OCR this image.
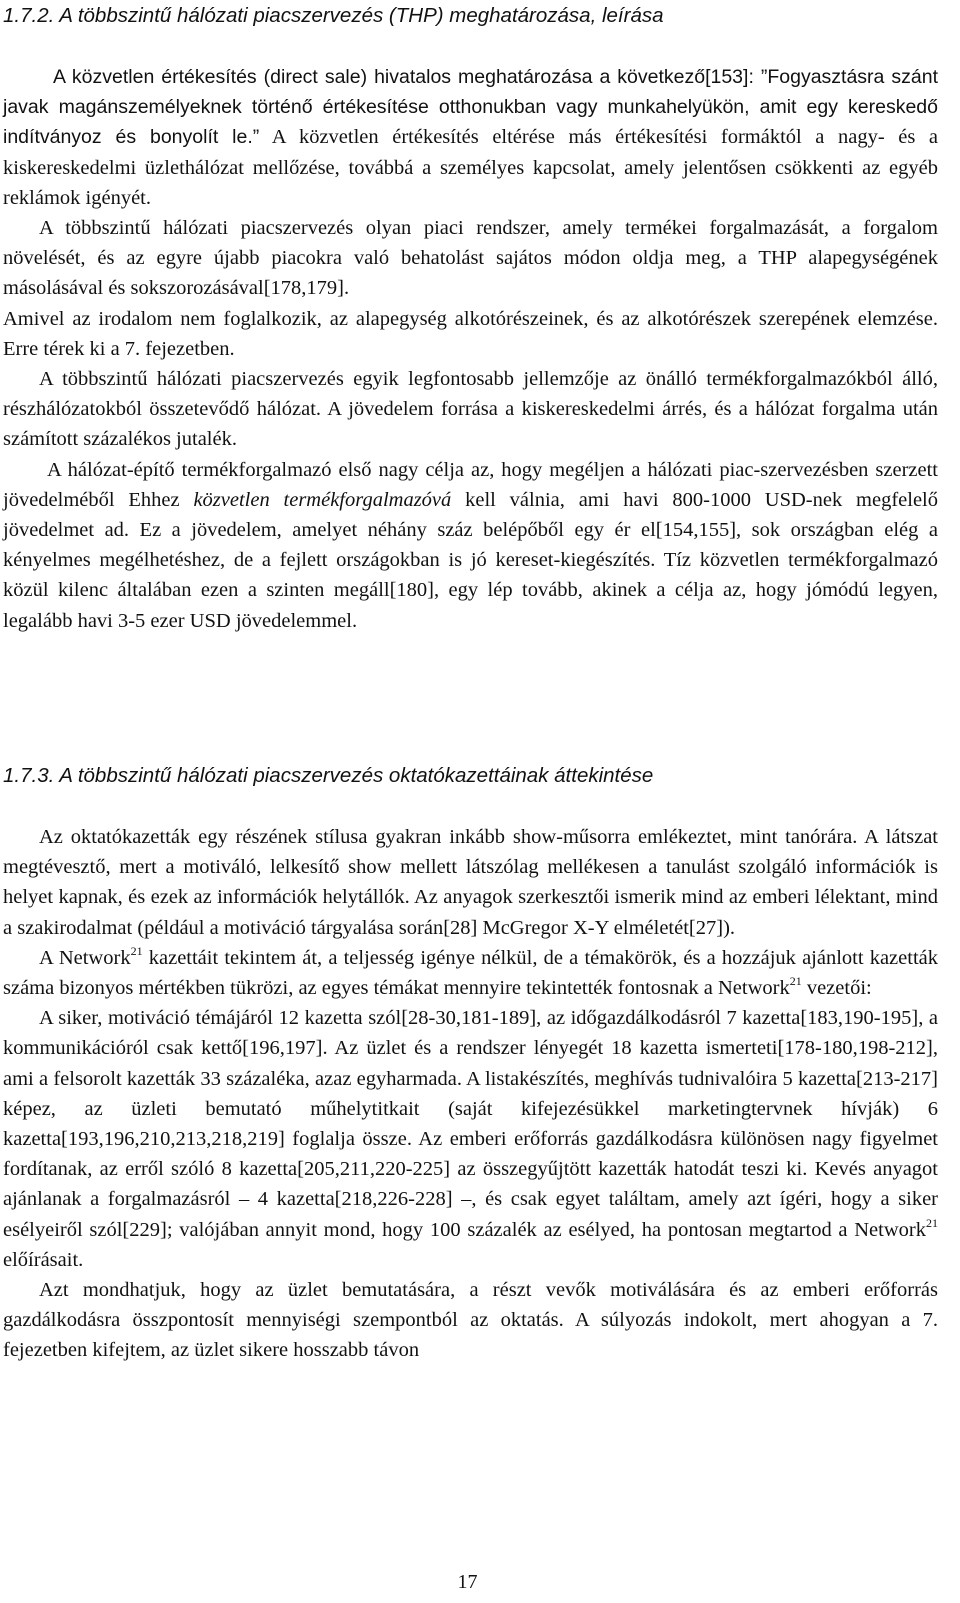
1.7.2. A többszintű hálózati piacszervezés (THP) meghatározása, leírása

A közvetlen értékesítés (direct sale) hivatalos meghatározása a következő[153]: ”Fogyasztásra szánt javak magánszemélyeknek történő értékesítése otthonukban vagy munkahelyükön, amit egy kereskedő indítványoz és bonyolít le.” A közvetlen értékesítés eltérése más értékesítési formáktól a nagy- és a kiskereskedelmi üzlethálózat mellőzése, továbbá a személyes kapcsolat, amely jelentősen csökkenti az egyéb reklámok igényét.

A többszintű hálózati piacszervezés olyan piaci rendszer, amely termékei forgalmazását, a forgalom növelését, és az egyre újabb piacokra való behatolást sajátos módon oldja meg, a THP alapegységének másolásával és sokszorozásával[178,179].

Amivel az irodalom nem foglalkozik, az alapegység alkotórészeinek, és az alkotórészek szerepének elemzése. Erre térek ki a 7. fejezetben.

A többszintű hálózati piacszervezés egyik legfontosabb jellemzője az önálló termékforgalmazókból álló, részhálózatokból összetevődő hálózat. A jövedelem forrása a kiskereskedelmi árrés, és a hálózat forgalma után számított százalékos jutalék.

A hálózat-építő termékforgalmazó első nagy célja az, hogy megéljen a hálózati piac-szervezésben szerzett jövedelméből Ehhez közvetlen termékforgalmazóvá kell válnia, ami havi 800-1000 USD-nek megfelelő jövedelmet ad. Ez a jövedelem, amelyet néhány száz belépőből egy ér el[154,155], sok országban elég a kényelmes megélhetéshez, de a fejlett országokban is jó kereset-kiegészítés. Tíz közvetlen termékforgalmazó közül kilenc általában ezen a szinten megáll[180], egy lép tovább, akinek a célja az, hogy jómódú legyen, legalább havi 3-5 ezer USD jövedelemmel.

1.7.3. A többszintű hálózati piacszervezés oktatókazettáinak áttekintése

Az oktatókazetták egy részének stílusa gyakran inkább show-műsorra emlékeztet, mint tanórára. A látszat megtévesztő, mert a motiváló, lelkesítő show mellett látszólag mellékesen a tanulást szolgáló információk is helyet kapnak, és ezek az információk helytállók. Az anyagok szerkesztői ismerik mind az emberi lélektant, mind a szakirodalmat (például a motiváció tárgyalása során[28] McGregor X-Y elméletét[27]).

A Network$^{21}$ kazettáit tekintem át, a teljesség igénye nélkül, de a témakörök, és a hozzájuk ajánlott kazetták száma bizonyos mértékben tükrözi, az egyes témákat mennyire tekintették fontosnak a Network$^{21}$ vezetői:

A siker, motiváció témájáról 12 kazetta szól[28-30,181-189], az időgazdálkodásról 7 kazetta[183,190-195], a kommunikációról csak kettő[196,197]. Az üzlet és a rendszer lényegét 18 kazetta ismerteti[178-180,198-212], ami a felsorolt kazetták 33 százaléka, azaz egyharmada. A listakészítés, meghívás tudnivalóira 5 kazetta[213-217] képez, az üzleti bemutató műhelytitkait (saját kifejezésükkel marketingtervnek hívják) 6 kazetta[193,196,210,213,218,219] foglalja össze. Az emberi erőforrás gazdálkodásra különösen nagy figyelmet fordítanak, az erről szóló 8 kazetta[205,211,220-225] az összegyűjtött kazetták hatodát teszi ki. Kevés anyagot ajánlanak a forgalmazásról – 4 kazetta[218,226-228] –, és csak egyet találtam, amely azt ígéri, hogy a siker esélyeiről szól[229]; valójában annyit mond, hogy 100 százalék az esélyed, ha pontosan megtartod a Network$^{21}$ előírásait.

Azt mondhatjuk, hogy az üzlet bemutatására, a részt vevők motiválására és az emberi erőforrás gazdálkodásra összpontosít mennyiségi szempontból az oktatás. A súlyozás indokolt, mert ahogyan a 7. fejezetben kifejtem, az üzlet sikere hosszabb távon

17
